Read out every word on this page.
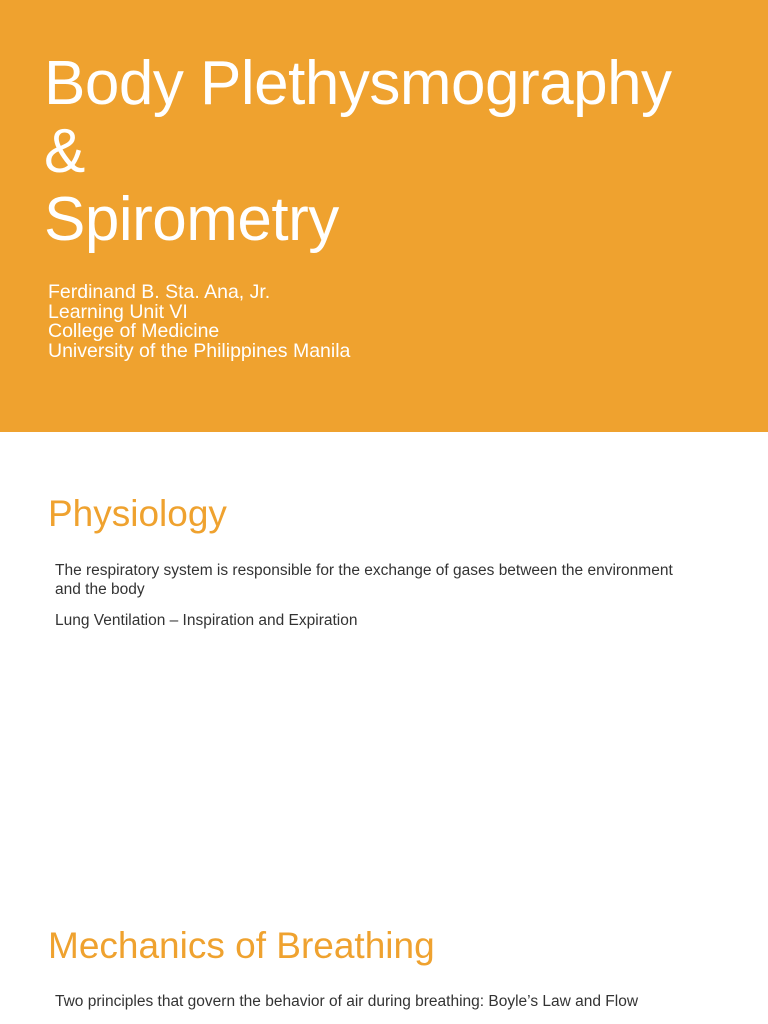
Body Plethysmography
&
Spirometry
Ferdinand B. Sta. Ana, Jr.
Learning Unit VI
College of Medicine
University of the Philippines Manila
Physiology

The respiratory system is responsible for the exchange of gases between the environment and the body

Lung Ventilation – Inspiration and Expiration

Mechanics of Breathing

Two principles that govern the behavior of air during breathing: Boyle’s Law and Flow
